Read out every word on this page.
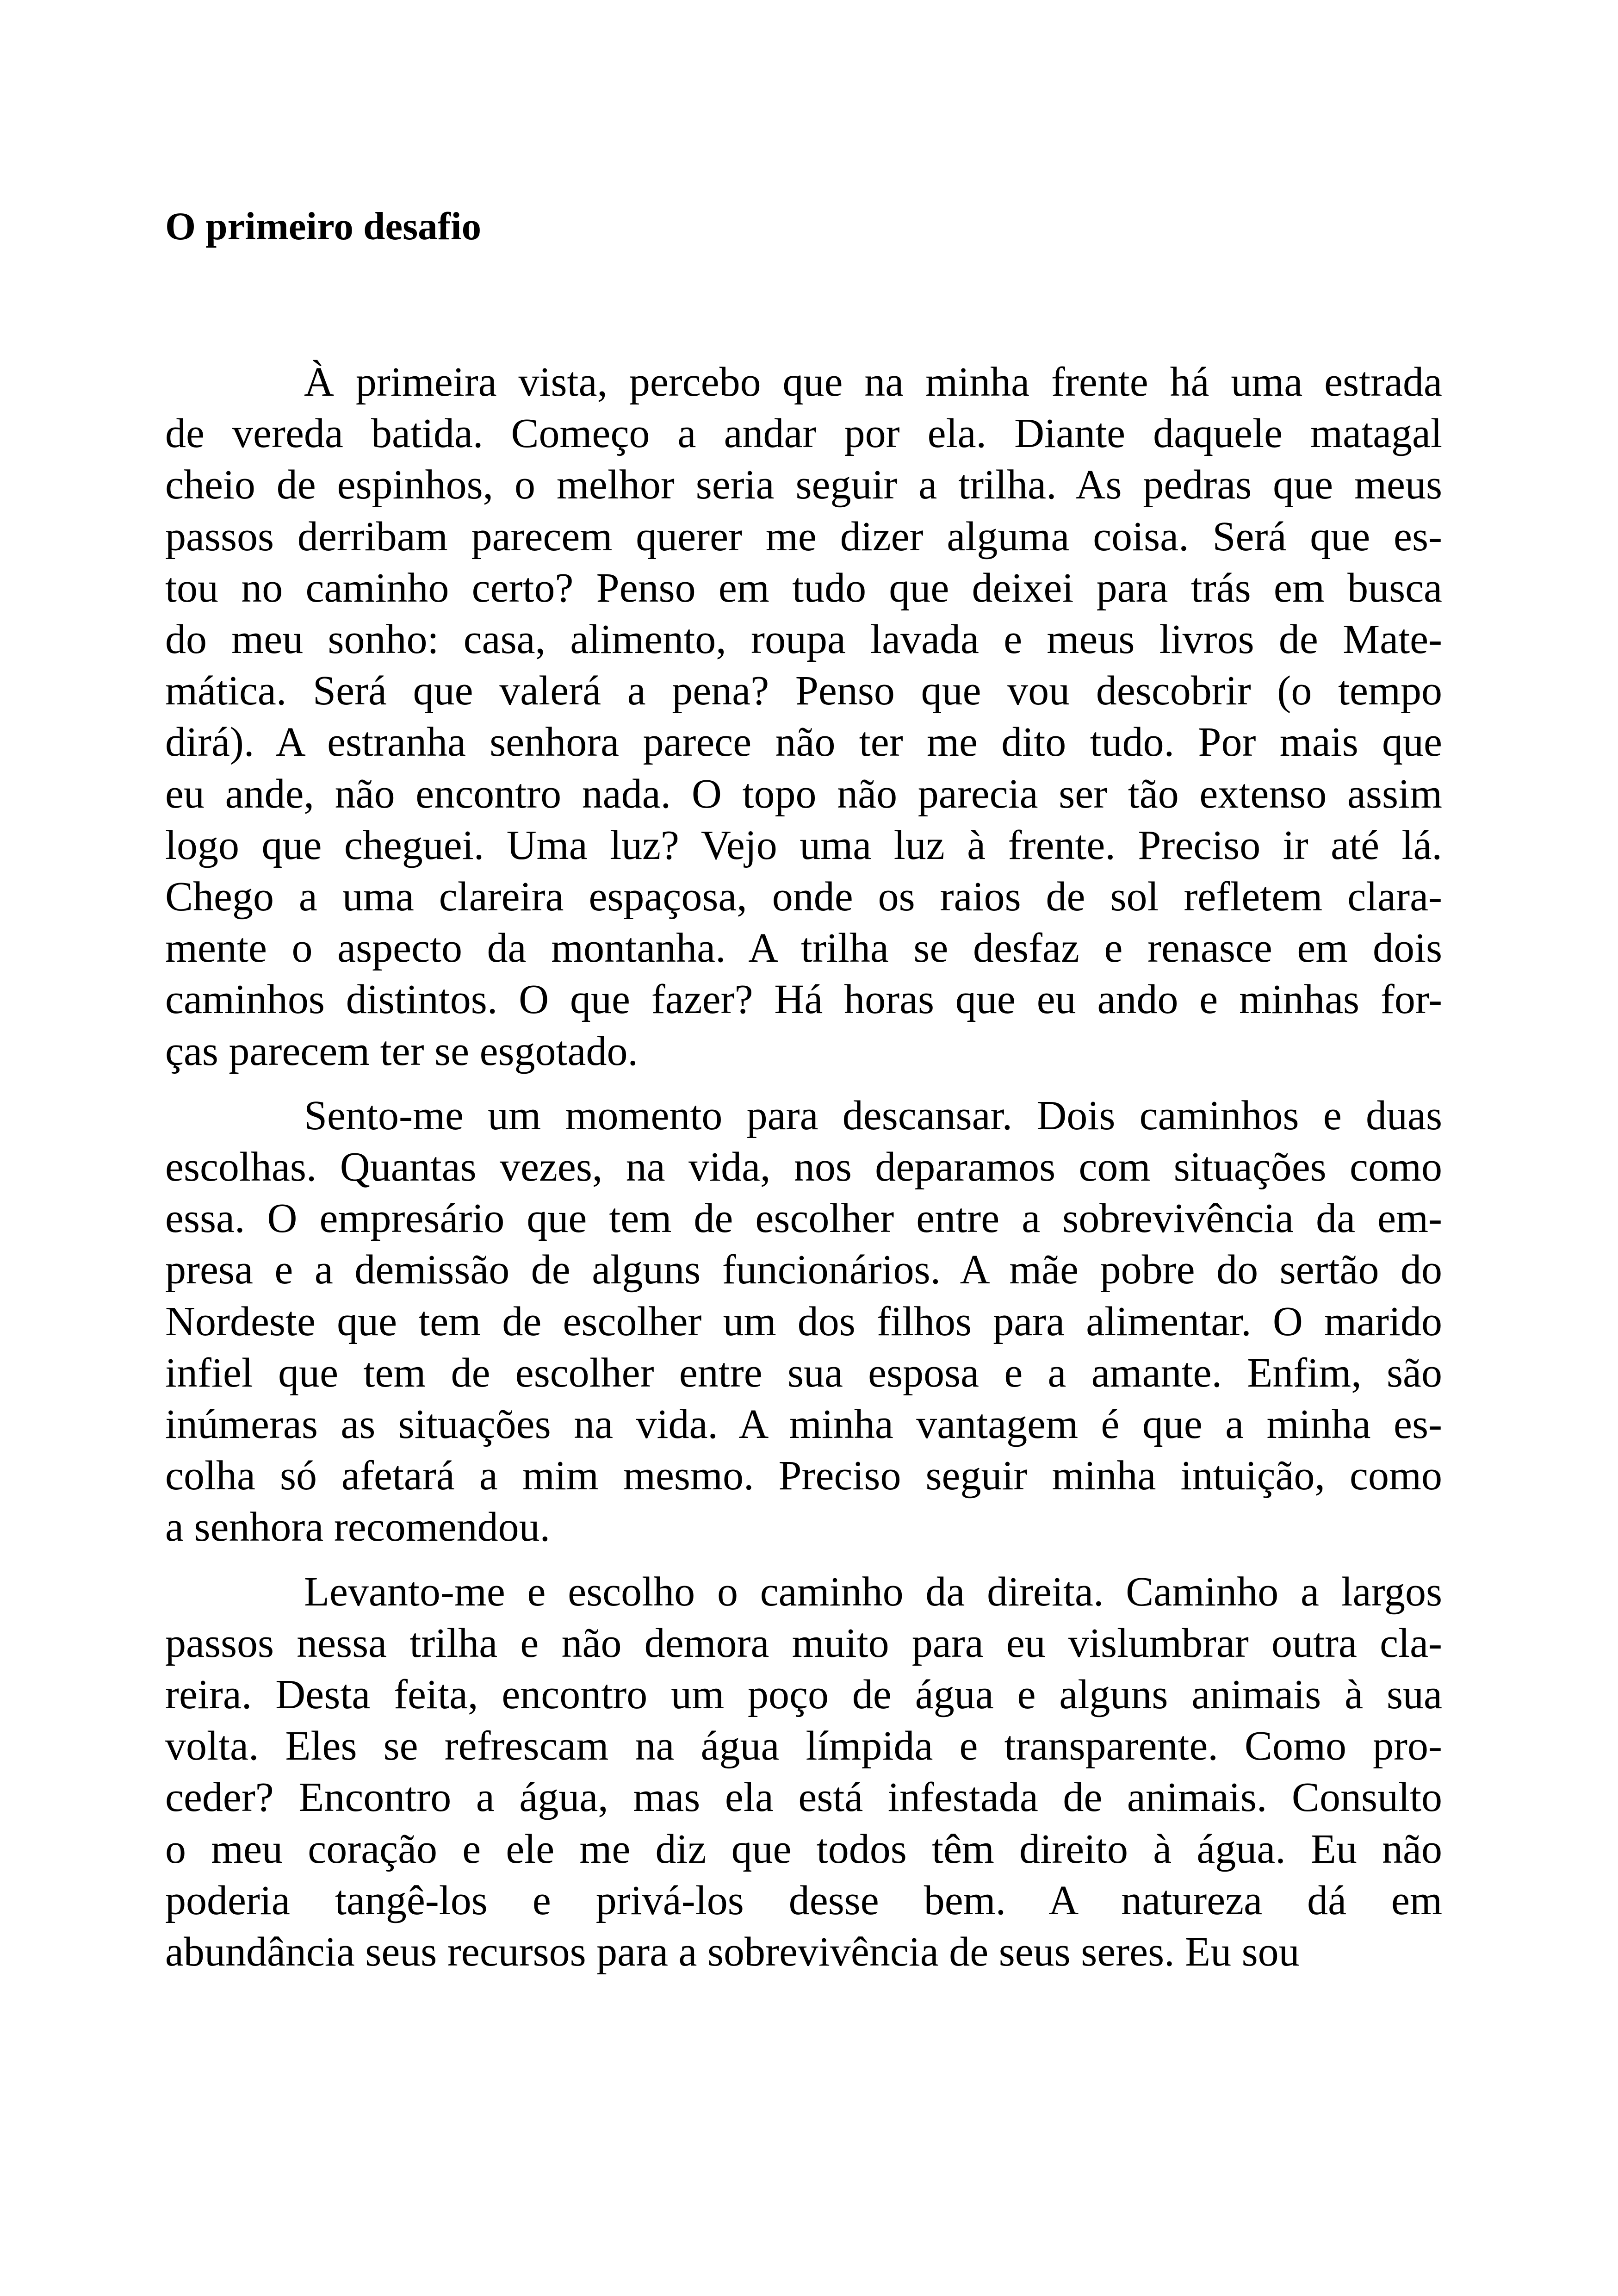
O primeiro desafio
À primeira vista, percebo que na minha frente há uma estrada
de vereda batida. Começo a andar por ela. Diante daquele matagal
cheio de espinhos, o melhor seria seguir a trilha. As pedras que meus
passos derribam parecem querer me dizer alguma coisa. Será que es-
tou no caminho certo? Penso em tudo que deixei para trás em busca
do meu sonho: casa, alimento, roupa lavada e meus livros de Mate-
mática. Será que valerá a pena? Penso que vou descobrir (o tempo
dirá). A estranha senhora parece não ter me dito tudo. Por mais que
eu ande, não encontro nada. O topo não parecia ser tão extenso assim
logo que cheguei. Uma luz? Vejo uma luz à frente. Preciso ir até lá.
Chego a uma clareira espaçosa, onde os raios de sol refletem clara-
mente o aspecto da montanha. A trilha se desfaz e renasce em dois
caminhos distintos. O que fazer? Há horas que eu ando e minhas for-
ças parecem ter se esgotado.
Sento-me um momento para descansar. Dois caminhos e duas
escolhas. Quantas vezes, na vida, nos deparamos com situações como
essa. O empresário que tem de escolher entre a sobrevivência da em-
presa e a demissão de alguns funcionários. A mãe pobre do sertão do
Nordeste que tem de escolher um dos filhos para alimentar. O marido
infiel que tem de escolher entre sua esposa e a amante. Enfim, são
inúmeras as situações na vida. A minha vantagem é que a minha es-
colha só afetará a mim mesmo. Preciso seguir minha intuição, como
a senhora recomendou.
Levanto-me e escolho o caminho da direita. Caminho a largos
passos nessa trilha e não demora muito para eu vislumbrar outra cla-
reira. Desta feita, encontro um poço de água e alguns animais à sua
volta. Eles se refrescam na água límpida e transparente. Como pro-
ceder? Encontro a água, mas ela está infestada de animais. Consulto
o meu coração e ele me diz que todos têm direito à água. Eu não
poderia tangê-los e privá-los desse bem. A natureza dá em
abundância seus recursos para a sobrevivência de seus seres. Eu sou
